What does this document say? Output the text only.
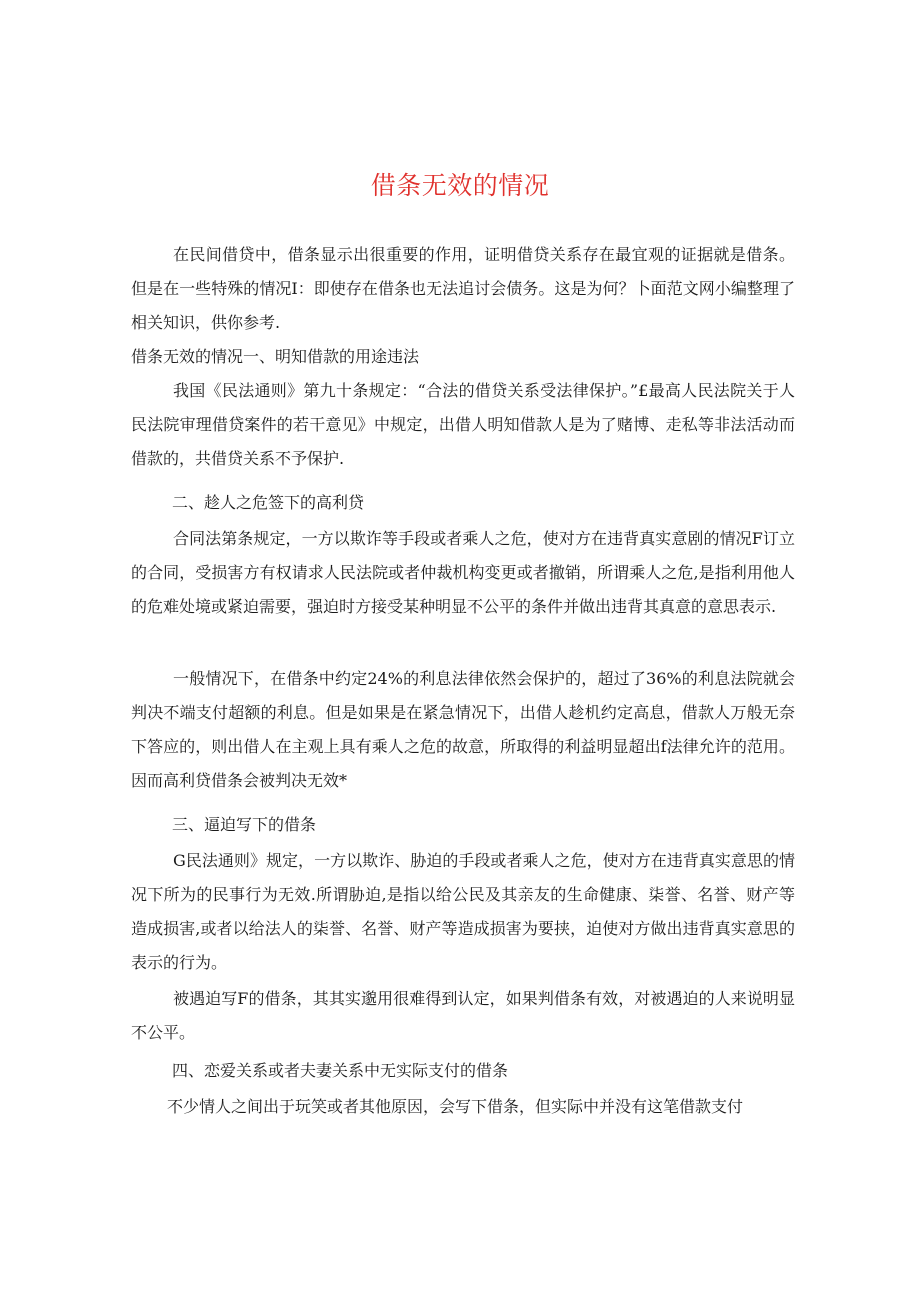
借条无效的情况

在民间借贷中，借条显示出很重要的作用，证明借贷关系存在最宜观的证据就是借条。但是在一些特殊的情况I：即使存在借条也无法追讨会债务。这是为何？卜面范文网小编整理了相关知识，供你参考.

借条无效的情况一、明知借款的用途违法

我国《民法通则》第九十条规定：“合法的借贷关系受法律保护。”£最高人民法院关于人民法院审理借贷案件的若干意见》中规定，出借人明知借款人是为了赌博、走私等非法活动而借款的，共借贷关系不予保护.

二、趁人之危签下的高利贷

合同法第条规定，一方以欺诈等手段或者乘人之危，使对方在违背真实意剧的情况F订立的合同，受损害方有权请求人民法院或者仲裁机构变更或者撤销，所谓乘人之危,是指利用他人的危难处境或紧迫需要，强迫时方接受某种明显不公平的条件并做出违背其真意的意思表示.

一般情况下，在借条中约定24%的利息法律依然会保护的，超过了36%的利息法院就会判决不端支付超额的利息。但是如果是在紧急情况下，出借人趁机约定高息，借款人万般无奈下答应的，则出借人在主观上具有乘人之危的故意，所取得的利益明显超出f法律允许的范用。因而高利贷借条会被判决无效*

三、逼迫写下的借条

G民法通则》规定，一方以欺诈、胁迫的手段或者乘人之危，使对方在违背真实意思的情况下所为的民事行为无效.所谓胁迫,是指以给公民及其亲友的生命健康、柒誉、名誉、财产等造成损害,或者以给法人的柒誉、名誉、财产等造成损害为要挟，迫使对方做出违背真实意思的表示的行为。

被遇迫写F的借条，其其实邈用很难得到认定，如果判借条有效，对被遇迫的人来说明显不公平。

四、恋爱关系或者夫妻关系中无实际支付的借条

不少情人之间出于玩笑或者其他原因，会写下借条，但实际中并没有这笔借款支付
